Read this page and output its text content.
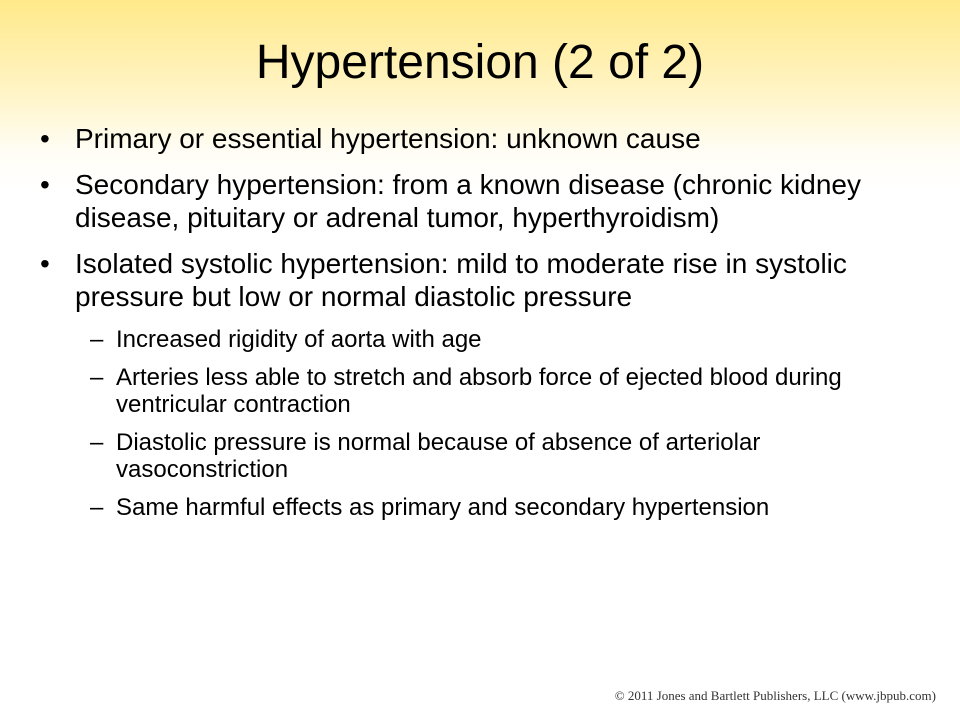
Hypertension (2 of 2)
• Primary or essential hypertension: unknown cause
• Secondary hypertension: from a known disease (chronic kidney disease, pituitary or adrenal tumor, hyperthyroidism)
• Isolated systolic hypertension: mild to moderate rise in systolic pressure but low or normal diastolic pressure
– Increased rigidity of aorta with age
– Arteries less able to stretch and absorb force of ejected blood during ventricular contraction
– Diastolic pressure is normal because of absence of arteriolar vasoconstriction
– Same harmful effects as primary and secondary hypertension
© 2011 Jones and Bartlett Publishers, LLC (www.jbpub.com)
